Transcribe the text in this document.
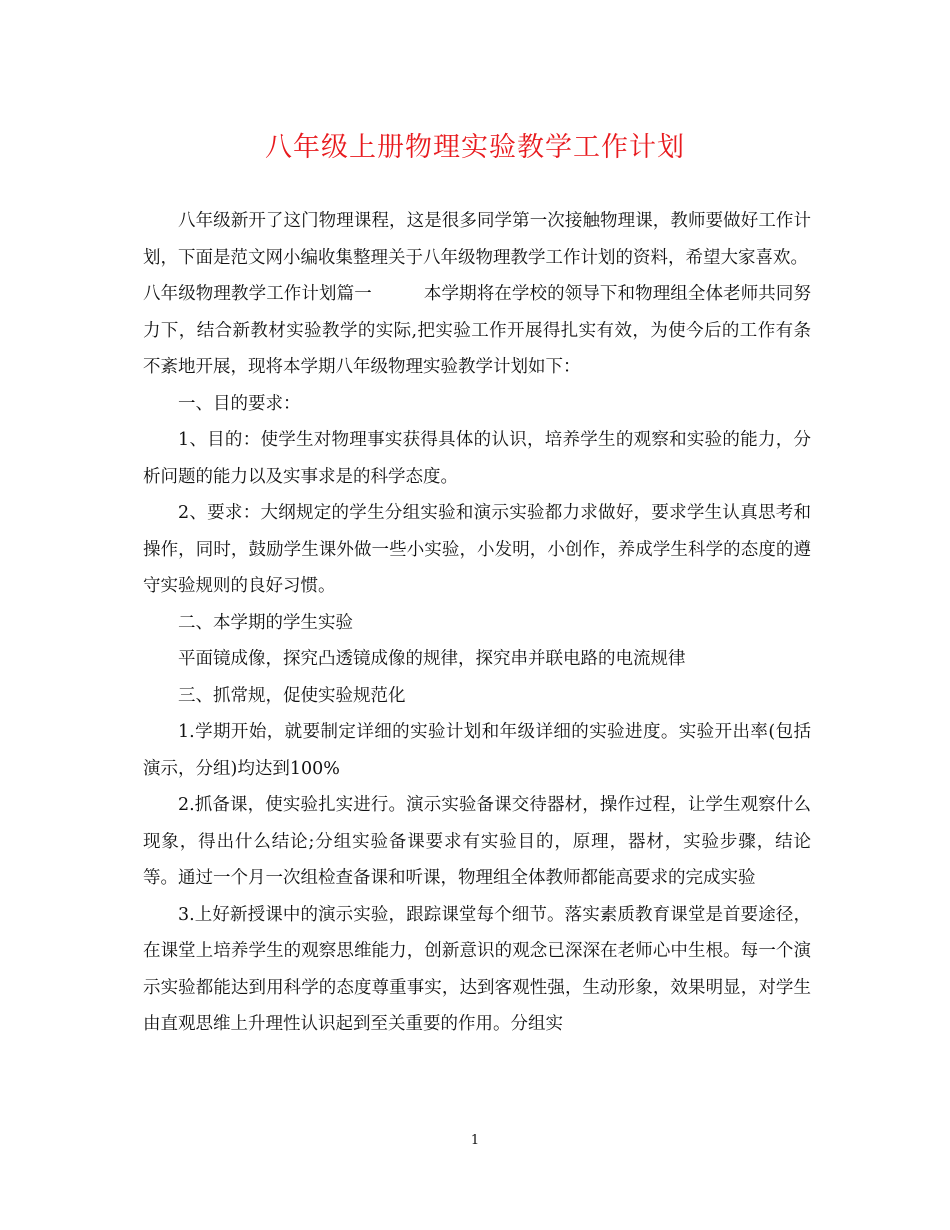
八年级上册物理实验教学工作计划

八年级新开了这门物理课程，这是很多同学第一次接触物理课，教师要做好工作计划，下面是范文网小编收集整理关于八年级物理教学工作计划的资料，希望大家喜欢。

八年级物理教学工作计划篇一	本学期将在学校的领导下和物理组全体老师共同努力下，结合新教材实验教学的实际,把实验工作开展得扎实有效，为使今后的工作有条不紊地开展，现将本学期八年级物理实验教学计划如下：

一、目的要求：

1、目的：使学生对物理事实获得具体的认识，培养学生的观察和实验的能力，分析问题的能力以及实事求是的科学态度。

2、要求：大纲规定的学生分组实验和演示实验都力求做好，要求学生认真思考和操作，同时，鼓励学生课外做一些小实验，小发明，小创作，养成学生科学的态度的遵守实验规则的良好习惯。

二、本学期的学生实验

平面镜成像，探究凸透镜成像的规律，探究串并联电路的电流规律

三、抓常规，促使实验规范化

1.学期开始，就要制定详细的实验计划和年级详细的实验进度。实验开出率(包括演示，分组)均达到100%

2.抓备课，使实验扎实进行。演示实验备课交待器材，操作过程，让学生观察什么现象，得出什么结论;分组实验备课要求有实验目的，原理，器材，实验步骤，结论等。通过一个月一次组检查备课和听课，物理组全体教师都能高要求的完成实验

3.上好新授课中的演示实验，跟踪课堂每个细节。落实素质教育课堂是首要途径，在课堂上培养学生的观察思维能力，创新意识的观念已深深在老师心中生根。每一个演示实验都能达到用科学的态度尊重事实，达到客观性强，生动形象，效果明显，对学生由直观思维上升理性认识起到至关重要的作用。分组实

1
